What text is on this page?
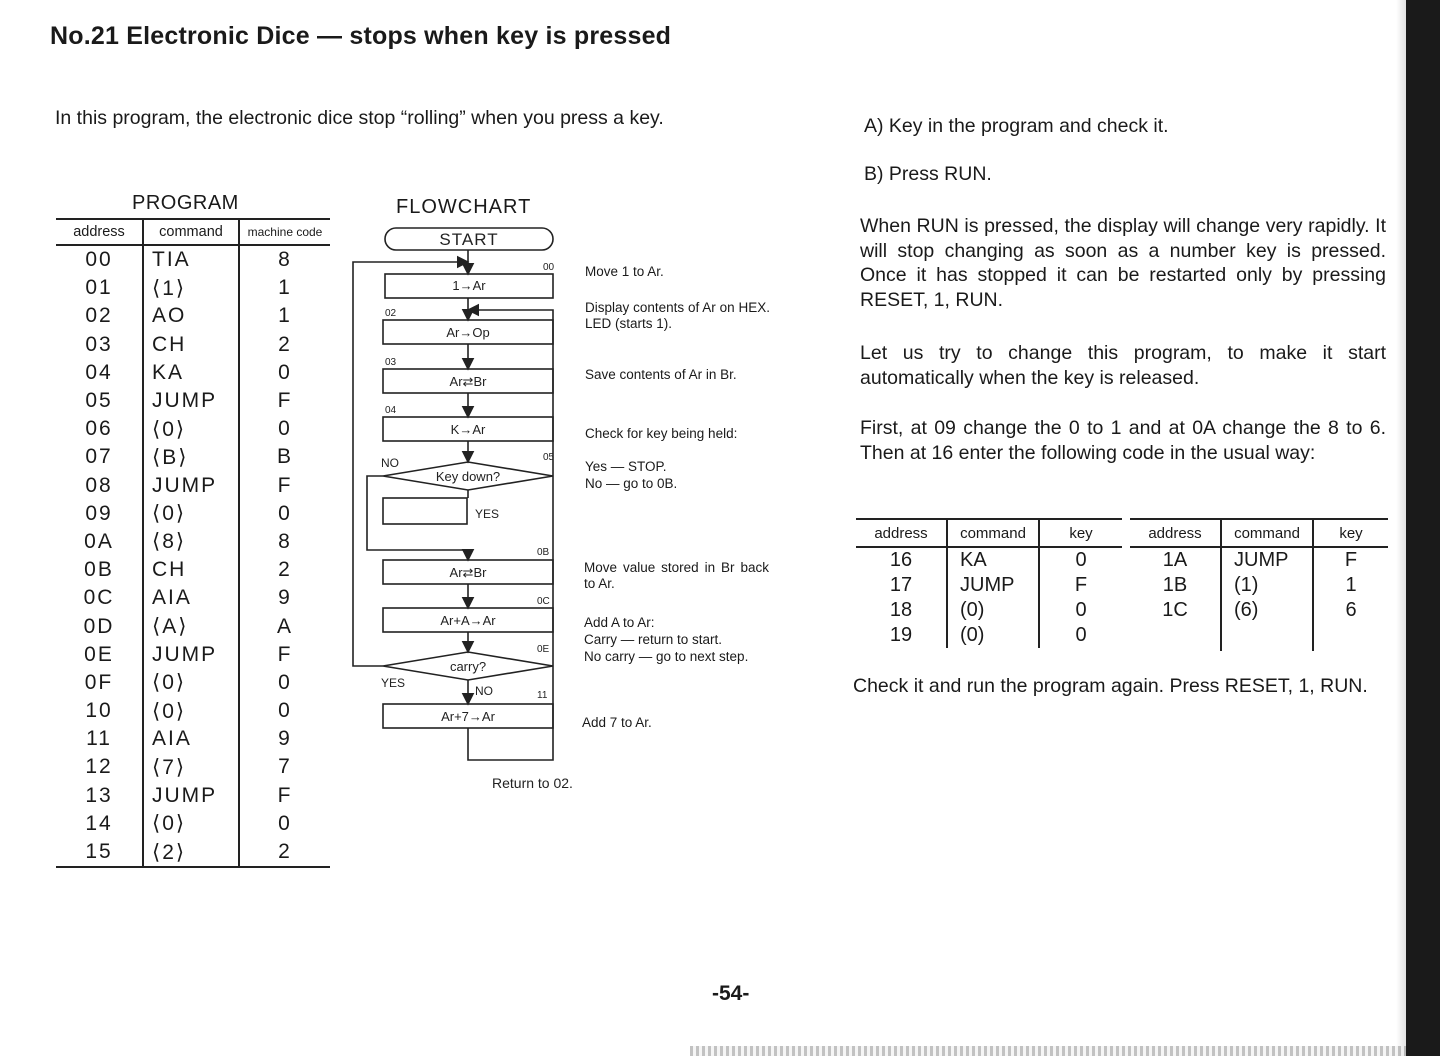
No.21 Electronic Dice — stops when key is pressed
In this program, the electronic dice stop “rolling” when you press a key.
PROGRAM
address	command	machine code
00	TIA	8
01	⟨1⟩	1
02	AO	1
03	CH	2
04	KA	0
05	JUMP	F
06	⟨0⟩	0
07	⟨B⟩	B
08	JUMP	F
09	⟨0⟩	0
0A	⟨8⟩	8
0B	CH	2
0C	AIA	9
0D	⟨A⟩	A
0E	JUMP	F
0F	⟨0⟩	0
10	⟨0⟩	0
11	AIA	9
12	⟨7⟩	7
13	JUMP	F
14	⟨0⟩	0
15	⟨2⟩	2
FLOWCHART
START
1→Ar
Ar→Op
Ar⇄Br
K→Ar
Key down?
Ar⇄Br
Ar+A→Ar
carry?
Ar+7→Ar
00
02
03
04
05
0B
0C
0E
11
NO
YES
YES
NO
Return to 02.
Move 1 to Ar.
Display contents of Ar on HEX. LED (starts 1).
Save contents of Ar in Br.
Check for key being held:
Yes — STOP.
No — go to 0B.
Move value stored in Br back to Ar.
Add A to Ar:
Carry — return to start.
No carry — go to next step.
Add 7 to Ar.
A) Key in the program and check it.
B) Press RUN.
When RUN is pressed, the display will change very rapidly. It will stop changing as soon as a number key is pressed. Once it has stopped it can be restarted only by pressing RESET, 1, RUN.
Let us try to change this program, to make it start automatically when the key is released.
First, at 09 change the 0 to 1 and at 0A change the 8 to 6. Then at 16 enter the following code in the usual way:
address	command	key
16	KA	0
17	JUMP	F
18	(0)	0
19	(0)	0
address	command	key
1A	JUMP	F
1B	(1)	1
1C	(6)	6

Check it and run the program again. Press RESET, 1, RUN.
-54-
